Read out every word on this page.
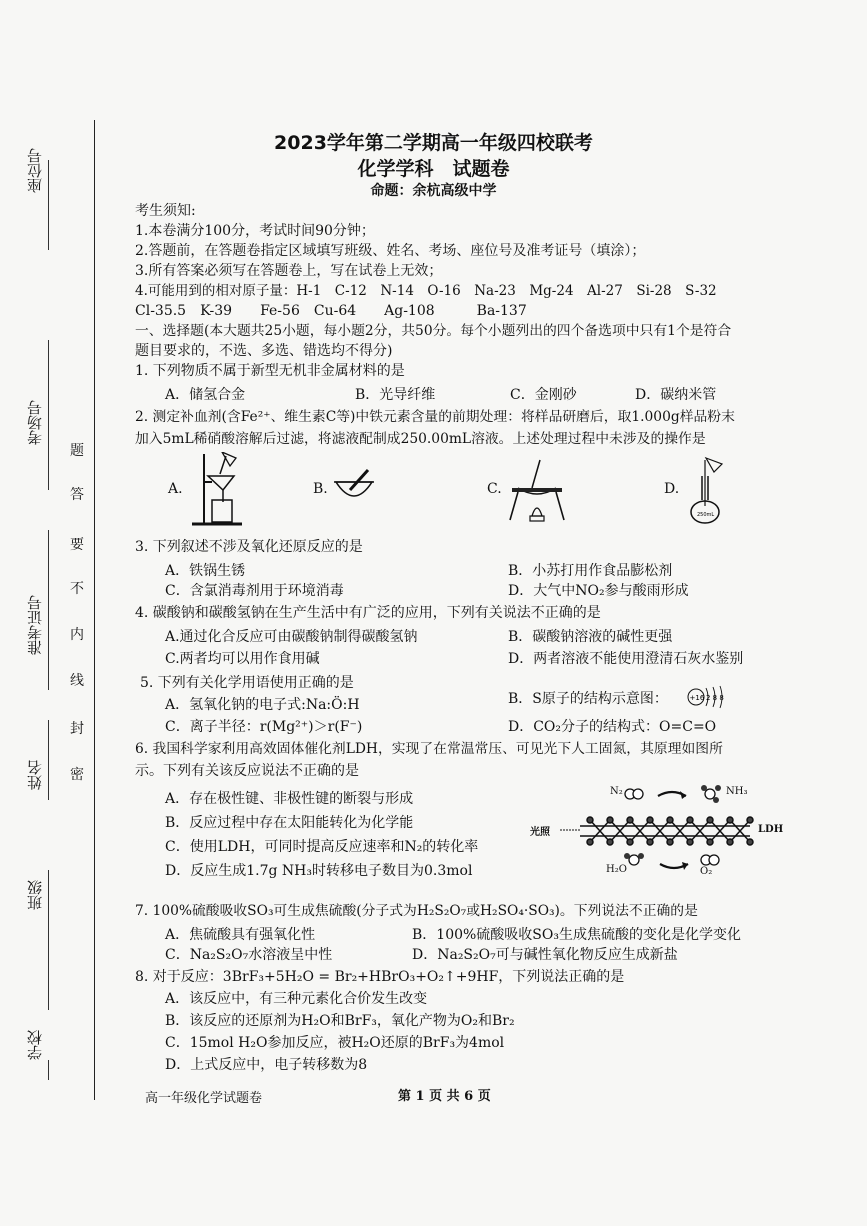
座位号
考场号
准考证号
姓名
班级
学校
题
答
要
不
内
线
封
密
2023学年第二学期高一年级四校联考
化学学科　试题卷
命题：余杭高级中学
考生须知:
1.本卷满分100分，考试时间90分钟；
2.答题前，在答题卷指定区域填写班级、姓名、考场、座位号及准考证号（填涂）；
3.所有答案必须写在答题卷上，写在试卷上无效；
4.可能用到的相对原子量：H-1　C-12　N-14　O-16　Na-23　Mg-24　Al-27　Si-28　S-32
Cl-35.5　K-39　　Fe-56　Cu-64　　Ag-108　　　Ba-137
一、选择题(本大题共25小题，每小题2分，共50分。每个小题列出的四个备选项中只有1个是符合
题目要求的，不选、多选、错选均不得分)
1. 下列物质不属于新型无机非金属材料的是
A．储氢合金	B．光导纤维	C．金刚砂	D．碳纳米管
2. 测定补血剂(含Fe²⁺、维生素C等)中铁元素含量的前期处理：将样品研磨后，取1.000g样品粉末
加入5mL稀硝酸溶解后过滤，将滤液配制成250.00mL溶液。上述处理过程中未涉及的操作是
A.	B.	C.	D.
250mL
3. 下列叙述不涉及氧化还原反应的是
A．铁锅生锈	B．小苏打用作食品膨松剂
C．含氯消毒剂用于环境消毒	D．大气中NO₂参与酸雨形成
4. 碳酸钠和碳酸氢钠在生产生活中有广泛的应用，下列有关说法不正确的是
A.通过化合反应可由碳酸钠制得碳酸氢钠	B．碳酸钠溶液的碱性更强
C.两者均可以用作食用碱	D．两者溶液不能使用澄清石灰水鉴别
5. 下列有关化学用语使用正确的是
A．氢氧化钠的电子式:Na:Ö:H	B．S原子的结构示意图：	+16 2 8 8
C．离子半径：r(Mg²⁺)＞r(F⁻)	D．CO₂分子的结构式：O=C=O
6. 我国科学家利用高效固体催化剂LDH，实现了在常温常压、可见光下人工固氮，其原理如图所
示。下列有关该反应说法不正确的是
A．存在极性键、非极性键的断裂与形成
B．反应过程中存在太阳能转化为化学能
C．使用LDH，可同时提高反应速率和N₂的转化率
D．反应生成1.7g NH₃时转移电子数目为0.3mol
N₂	NH₃
光照	LDH
H₂O	O₂
7. 100%硫酸吸收SO₃可生成焦硫酸(分子式为H₂S₂O₇或H₂SO₄·SO₃)。下列说法不正确的是
A．焦硫酸具有强氧化性	B．100%硫酸吸收SO₃生成焦硫酸的变化是化学变化
C．Na₂S₂O₇水溶液呈中性	D．Na₂S₂O₇可与碱性氧化物反应生成新盐
8. 对于反应：3BrF₃+5H₂O = Br₂+HBrO₃+O₂↑+9HF，下列说法正确的是
A．该反应中，有三种元素化合价发生改变
B．该反应的还原剂为H₂O和BrF₃，氧化产物为O₂和Br₂
C．15mol H₂O参加反应，被H₂O还原的BrF₃为4mol
D．上式反应中，电子转移数为8
高一年级化学试题卷	第 1 页 共 6 页
